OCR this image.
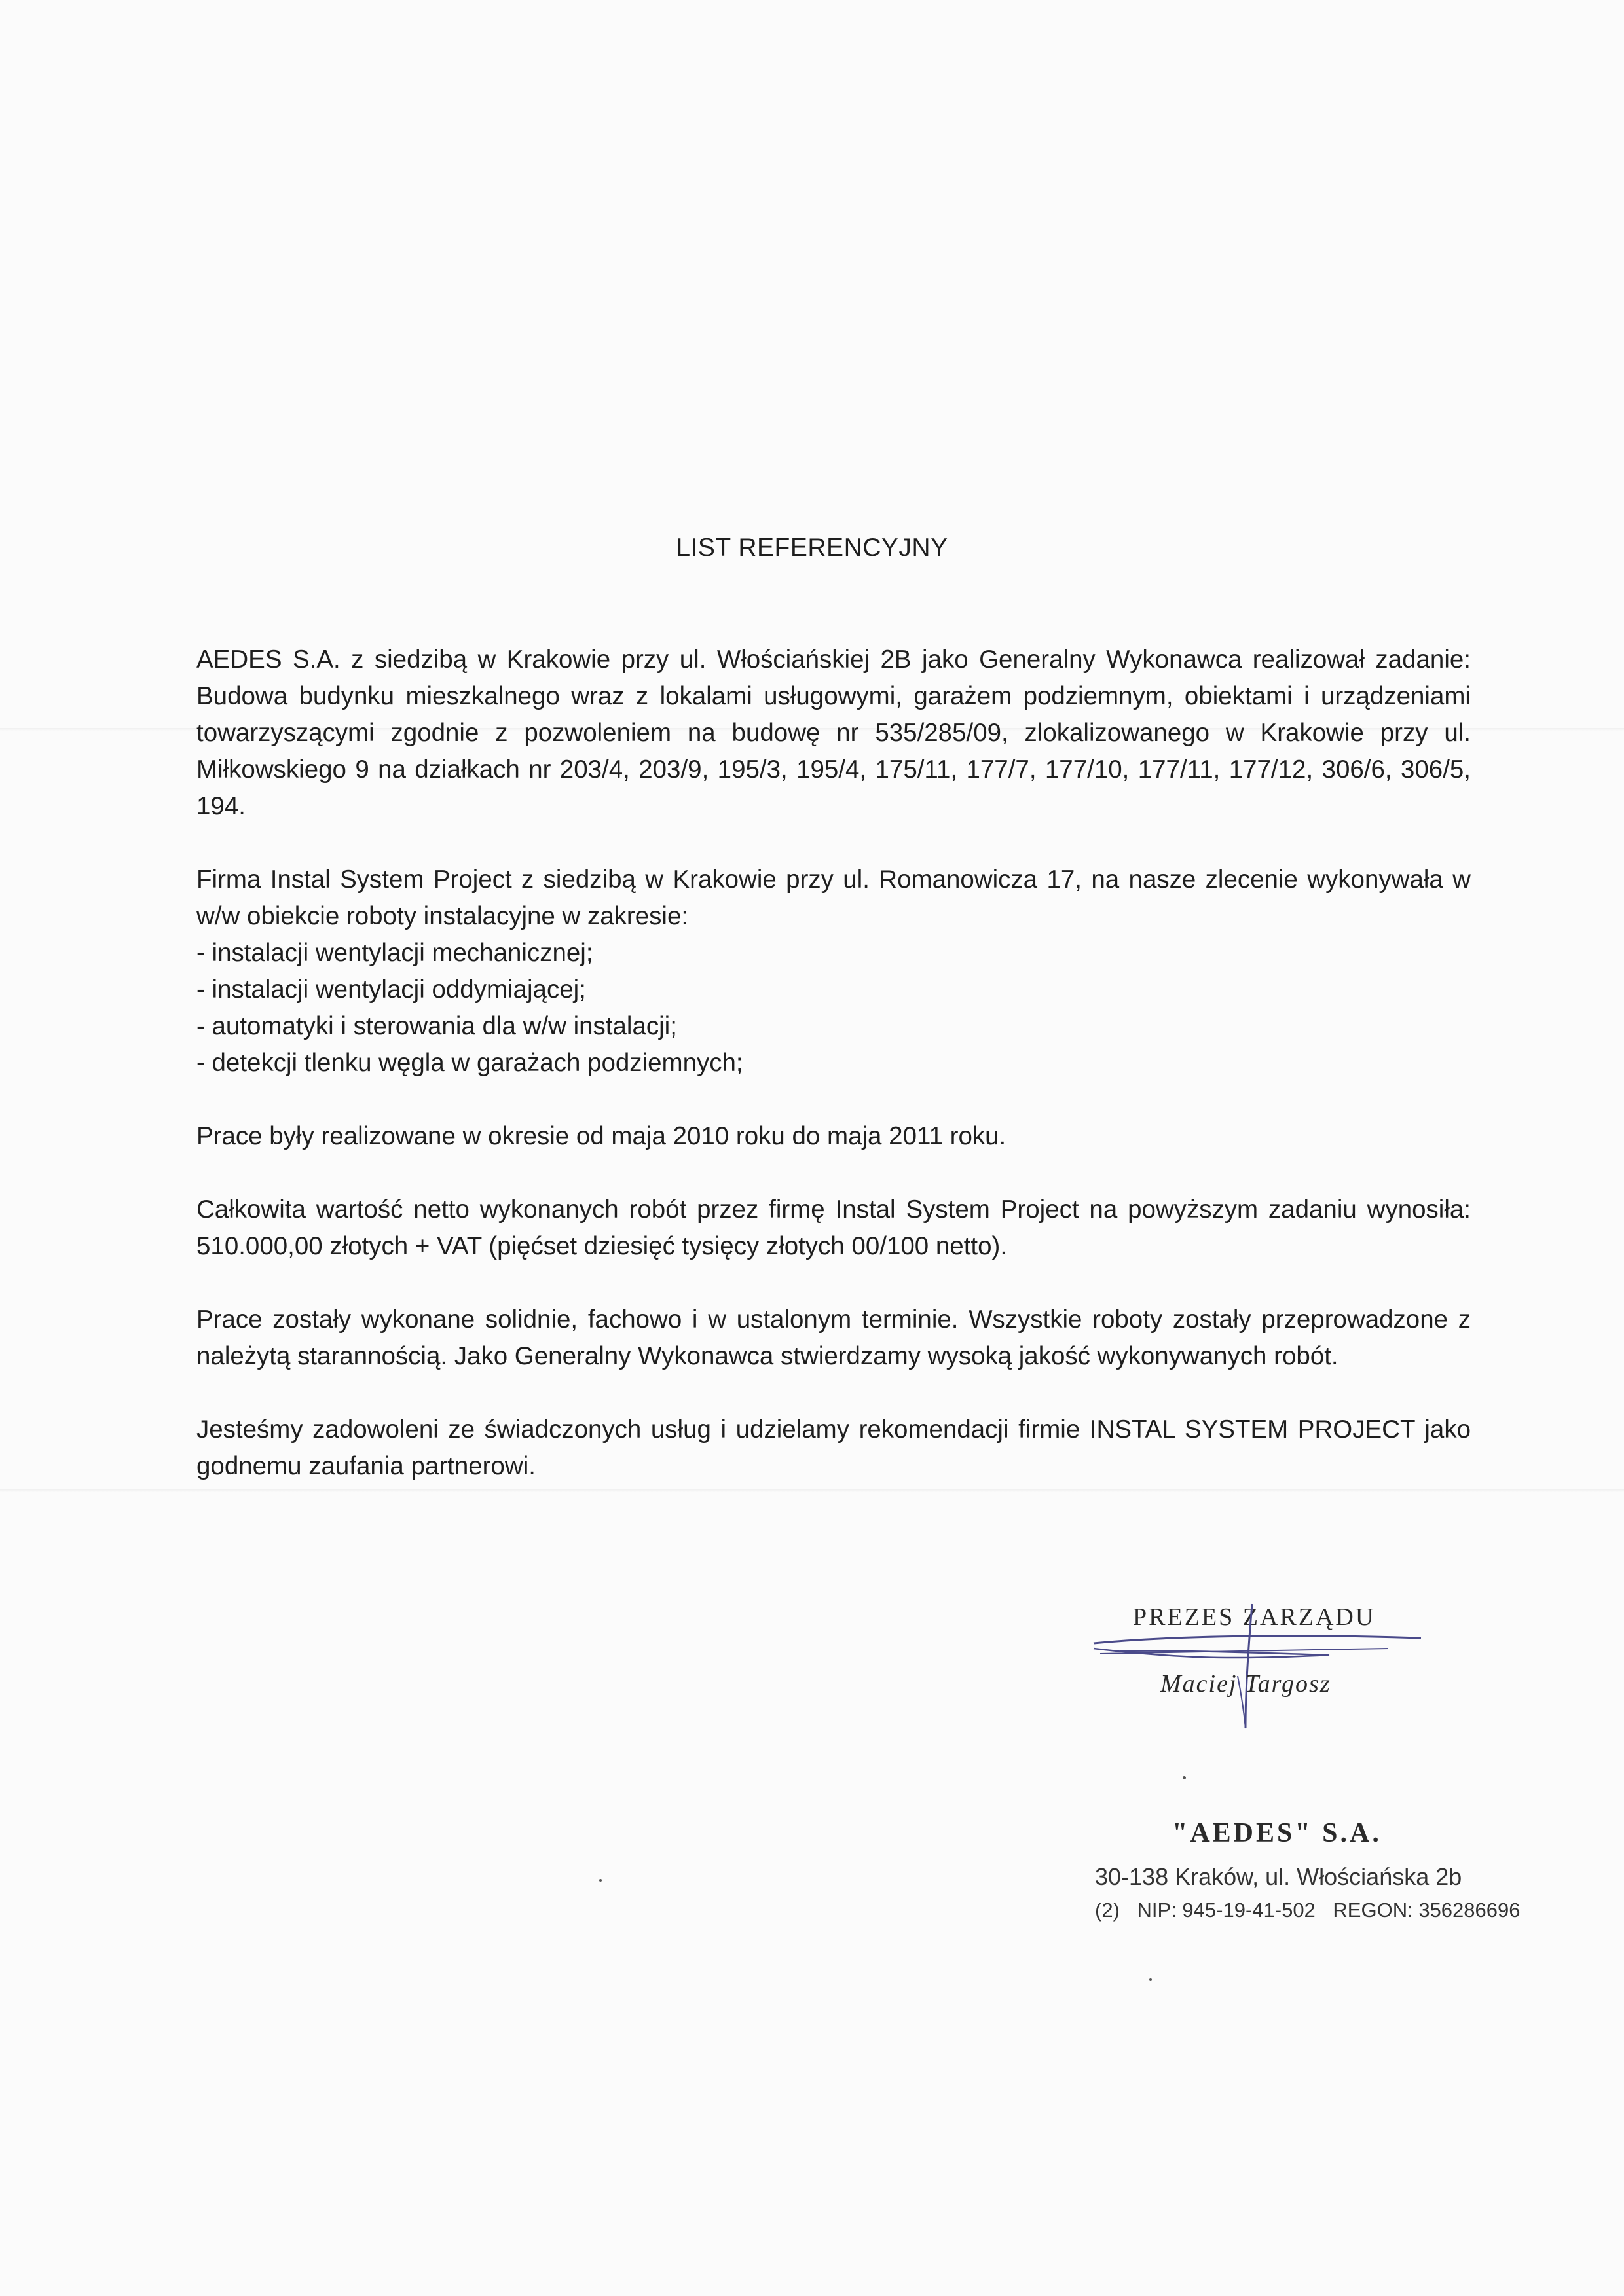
LIST REFERENCYJNY

AEDES S.A. z siedzibą w Krakowie przy ul. Włościańskiej 2B jako Generalny Wykonawca realizował zadanie: Budowa budynku mieszkalnego wraz z lokalami usługowymi, garażem podziemnym, obiektami i urządzeniami towarzyszącymi zgodnie z pozwoleniem na budowę nr 535/285/09, zlokalizowanego w Krakowie przy ul. Miłkowskiego 9 na działkach nr 203/4, 203/9, 195/3, 195/4, 175/11, 177/7, 177/10, 177/11, 177/12, 306/6, 306/5, 194.

Firma Instal System Project z siedzibą w Krakowie przy ul. Romanowicza 17, na nasze zlecenie wykonywała w w/w obiekcie roboty instalacyjne w zakresie:

- instalacji wentylacji mechanicznej;
- instalacji wentylacji oddymiającej;
- automatyki i sterowania dla w/w instalacji;
- detekcji tlenku węgla w garażach podziemnych;

Prace były realizowane w okresie od maja 2010 roku do maja 2011 roku.

Całkowita wartość netto wykonanych robót przez firmę Instal System Project na powyższym zadaniu wynosiła: 510.000,00 złotych + VAT (pięćset dziesięć tysięcy złotych 00/100 netto).

Prace zostały wykonane solidnie, fachowo i w ustalonym terminie. Wszystkie roboty zostały przeprowadzone z należytą starannością. Jako Generalny Wykonawca stwierdzamy wysoką jakość wykonywanych robót.

Jesteśmy zadowoleni ze świadczonych usług i udzielamy rekomendacji firmie INSTAL SYSTEM PROJECT jako godnemu zaufania partnerowi.

PREZES ZARZĄDU
Maciej Targosz
"AEDES" S.A.
30-138 Kraków, ul. Włościańska 2b
(2) NIP: 945-19-41-502 REGON: 356286696
